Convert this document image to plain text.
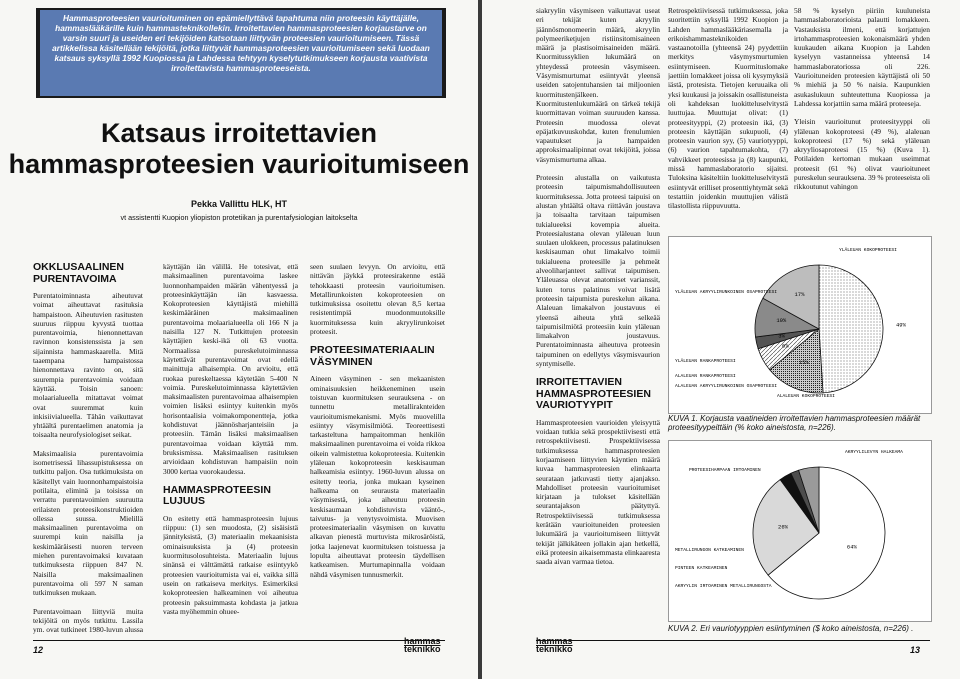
Hammasproteesien vaurioituminen on epämiellyttävä tapahtuma niin proteesin käyttäjälle, hammaslääkärille kuin hammasteknikollekin. Irroitettavien hammasproteesien korjaustarve on varsin suuri ja useiden eri tekijöiden katsotaan liittyvän proteesien vaurioitumiseen. Tässä artikkelissa käsitellään tekijöitä, jotka liittyvät hammasproteesien vaurioitumiseen sekä luodaan katsaus syksyllä 1992 Kuopiossa ja Lahdessa tehtyyn kyselytutkimukseen korjausta vaativista irroitettavista hammasproteeseista.
Katsaus irroitettavien
hammasproteesien vaurioitumiseen
Pekka Vallittu HLK, HT
vt assistentti Kuopion yliopiston protetiikan ja purentafysiologian laitokselta
OKKLUSAALINEN PURENTAVOIMA

Purentatoiminnasta aiheutuvat voimat aiheuttavat rasituksia hampaistoon. Aiheutuvien rasitusten suuruus riippuu kyvystä tuottaa purentavoimia, hienonnettavan ravinnon konsistenssista ja sen sijainnista hammaskaarella. Mitä taaempana hampaistossa hienonnettava ravinto on, sitä suurempia purentavoimia voidaan käyttää. Toisin sanoen: molaarialueella mitattavat voimat ovat suuremmat kuin inkisiivialueella. Tähän vaikuttavat yhtäältä purentaelimen anatomia ja toisaalta neurofysiologiset seikat.

Maksimaalisia purentavoimia isometrisessä lihassupistuksessa on tutkittu paljon. Osa tutkimuksista on käsitellyt vain luonnonhampaistoisia potilaita, eliminä ja toisissa on verrattu purentavoimien suuruutta erilaisten proteesikonstruktioiden ollessa suussa. Mielillä maksimaalinen purentavoima on suurempi kuin naisilla ja keskimääräisesti nuoren terveen miehen purentavoimaksi kuvataan tutkimuksesta riippuen 847 N. Naisilla maksimaalinen purentavoima oli 597 N saman tutkimuksen mukaan.

Purentavoimaan liittyviä muita tekijöitä on myös tutkittu. Lassila ym. ovat tutkineet 1980-luvun alussa

käyttäjän iän välillä. He totesivat, että maksimaalinen purentavoima laskee luonnonhampaiden määrän vähentyessä ja proteesinkäyttäjän iän kasvaessa. Kokoproteesien käyttäjistä miehillä keskimääräinen maksimaalinen purentavoima molaarialueella oli 166 N ja naisilla 127 N. Tutkittujen proteesin käyttäjien keski-ikä oli 63 vuotta. Normaalissa pureskelutoiminnassa käytettävät purentavoimat ovat edellä mainittuja alhaisempia. On arvioitu, että ruokaa pureskeltaessa käytetään 5-400 N voimia. Pureskelutoiminnassa käytettävien maksimaalisten purentavoimaa alhaisempien voimien lisäksi esiintyy kuitenkin myös horisontaalisia voimakomponentteja, jotka kohdistuvat jäännösharjanteisiin ja proteesiin. Tämän lisäksi maksimaalisen purentavoimaa voidaan käyttää mm. bruksismissa. Maksimaalisen rasituksen arvioidaan kohdistuvan hampaisiin noin 3000 kertaa vuorokaudessa.

HAMMASPROTEESIN LUJUUS

On esitetty että hammasproteesin lujuus riippuu: (1) sen muodosta, (2) sisäisistä jännityksistä, (3) materiaalin mekaanisista ominaisuuksista ja (4) proteesin kuormitusolosuhteista. Materiaalin lujuus sinänsä ei välttämättä ratkaise esiintyykö proteesien vaurioitumista vai ei, vaikka sillä usein on ratkaiseva merkitys. Esimerkiksi kokoproteesien halkeaminen voi aiheutua proteesin paksuimmasta kohdasta ja jatkua vasta myöhemmin ohuee-

seen suulaen levyyn. On arvioitu, että nittävän jäykkä proteesirakenne estää tehokkaasti proteesin vaurioitumisen. Metallirunkoisten kokoproteesien on tutkimuksissa osoitettu olevan 8,5 kertaa resistentimpiä muodonmuutoksille kuormituksessa kuin akryylirunkoiset proteesit.

PROTEESIMATERIAALIN VÄSYMINEN

Aineen väsyminen - sen mekaanisten ominaisuuksien heikkeneminen usein toistuvan kuormituksen seurauksena - on tunnettu metalliraknteiden vaurioitumismekanismi. Myös muovelilla esiintyy väsymisilmiötä. Teoreettisesti tarkasteltuna hampaitomman henkilön maksimaalinen purentavoima ei voida rikkoa oikein valmistettua kokoproteesia. Kuitenkin yläleuan kokoproteesin keskisauman halkeamisia esiintyy. 1960-luvun alussa on esitetty teoria, jonka mukaan kyseinen halkeama on seurausta materiaalin väsymisestä, joka aiheutuu proteesin keskisaumaan kohdistuvista vääntö-, taivutus- ja venytysvoimista. Muovisen proteesimateriaalin väsymisen on kuvattu alkavan pienestä murtuvista mikrosäröistä, jotka laajenevat kuormituksen toistuessa ja lopulta aiheuttavat proteesin täydellisen katkeamisen. Murtumapinnalla voidaan nähdä väsymisen tunnusmerkit.

12
hammas
teknikko

siakryylin väsymiseen vaikuttavat useat eri tekijät kuten akryylin jäännösmonomeerin määrä, akryylin polymeeriketjujen ristiinsitomisaineen määrä ja plastisoimisaineiden määrä. Kuormitussyklien lukumäärä on yhteydessä proteesin väsymiseen. Väsymismurtumat esiintyvät yleensä useiden satojentuhansien tai miljoonien kuormitustenjälkeen. Kuormitustenlukumäärä on tärkeä tekijä kuormittavan voiman suuruuden kanssa. Proteesin muodossa olevat epäjatkuvuuskohdat, kuten frenulumien vapautukset ja hampaiden approksimaalipinnat ovat tekijöitä, joissa väsymismurtuma alkaa.

Proteesin alustalla on vaikutusta proteesin taipumismahdollisuuteen kuormituksessa. Jotta proteesi taipuisi on alustan yhtäältä oltava riittävän joustava ja toisaalta tarvitaan taipumisen tukialueeksi kovempia alueita. Proteesialustana olevan yläleuan luun suulaen ulokkeen, processus palatinuksen keskisauman ohut limakalvo toimii tukialueena proteesille ja pehmeät alveoliharjanteet sallivat taipumisen. Yläleuassa olevat anatomiset varianssit, kuten torus palatinus voivat lisätä proteesin taipumista pureskelun aikana. Alaleuan limakalvon joustavuus ei yleensä aiheuta yhtä selkeää taipumisilmiötä proteesiin kuin yläleuan limakalvon joustavuus. Purentatoiminnasta aiheutuva proteesin taipuminen on edellytys väsymisvaurion syntymiselle.

IRROITETTAVIEN HAMMASPROTEESIEN VAURIOTYYPIT

Hammasproteesien vaurioiden yleisyyttä voidaan tutkia sekä prospektiivisesti että retrospektiivisesti. Prospektiivisessa tutkimuksessa hammasproteesien korjaamiseen liittyvien käyntien määrä kuvaa hammasproteesien elinkaarta seurataan jatkuvasti tietty ajanjakso. Mahdolliset proteesin vaurioitumiset kirjataan ja tulokset käsitellään seurantajakson päätyttyä. Retrospektiivisessä tutkimuksessa kerätään vaurioituneiden proteesien lukumäärä ja vaurioitumiseen liittyvät tekijät jälkikäteen jollakin ajan hetkellä, eikä proteesin aikaisemmasta elinkaaresta saada aivan varmaa tietoa.

Retrospektiivisessä tutkimuksessa, joka suoritettiin syksyllä 1992 Kuopion ja Lahden hammaslääkäriasemalla ja erikoishammasteknikoiden vastaanotoilla (yhteensä 24) pyydettiin merkitys väsymysmurtumien esiintymiseen. Kuormituslomake jaettiin lomakkeet joissa oli kysymyksiä iästä, protesista. Tietojen keruuaika oli yksi kuukausi ja joissakin osallistuneista oli kahdeksan luokitteluselvitystä luuttujaa. Muuttujat olivat: (1) proteesityyppi, (2) proteesin ikä, (3) proteesin käyttäjän sukupuoli, (4) proteesin vaurion syy, (5) vauriotyyppi, (6) vaurion tapahtumakohta, (7) vahvikkeet proteesissa ja (8) kaupunki, missä hammaslaboratorio sijaitsi. Tuloksina käsiteltiin luokitteluselvitystä esiintyvät erilliset prosenttiyhtymät sekä testattiin joidenkin muuttujien välistä tilastollista riippuvuutta.

58 % kyselyn piiriin kuuluneista hammaslaboratorioista palautti lomakkeen. Vastauksista ilmeni, että korjattujen irtohammasproteesien kokonaismäärä yhden kuukauden aikana Kuopion ja Lahden kyselyyn vastanneissa yhteensä 14 hammaslaboratoriossa oli 226. Vaurioituneiden proteesien käyttäjistä oli 50 % miehiä ja 50 % naisia. Kaupunkien asukaslukuun suhteutettuna Kuopiossa ja Lahdessa korjattiin sama määrä proteeseja.

Yleisin vaurioitunut proteesityyppi oli yläleuan kokoproteesi (49 %), alaleuan kokoproteesi (17 %) sekä yläleuan akryyliosaproteesi (15 %) (Kuva 1). Potilaiden kertoman mukaan useimmat proteesit (61 %) olivat vaurioituneet pureskelun seurauksena. 39 % proteeseista oli rikkoutunut vahingon

hammas
teknikko	13
49%
15%
6%
3%
10%
17%
YLÄLEUAN KOKOPROTEESI
YLÄLEUAN AKRYYLIRUNKOINEN OSAPROTEESI
YLÄLEUAN RANKAPROTEESI
ALALEUAN RANKAPROTEESI
ALALEUAN AKRYYLIRUNKOINEN OSAPROTEESI
ALALEUAN KOKOPROTEESI
KUVA 1. Korjausta vaatineiden irroitettavien hammasproteesien määrät proteesityypeittäin (% koko aineistosta, n=226).
64%
26%
AKRYYLILEVYN HALKEAMA
PROTEESIHAMPAAN IRTOAMINEN
METALLIRUNGON KATKEAMINEN
PINTEEN KATKEAMINEN
AKRYYLIN IRTOAMINEN METALLIRUNGOSTA
KUVA 2. Eri vauriotyyppien esiintyminen ($ koko aineistosta, n=226) .
